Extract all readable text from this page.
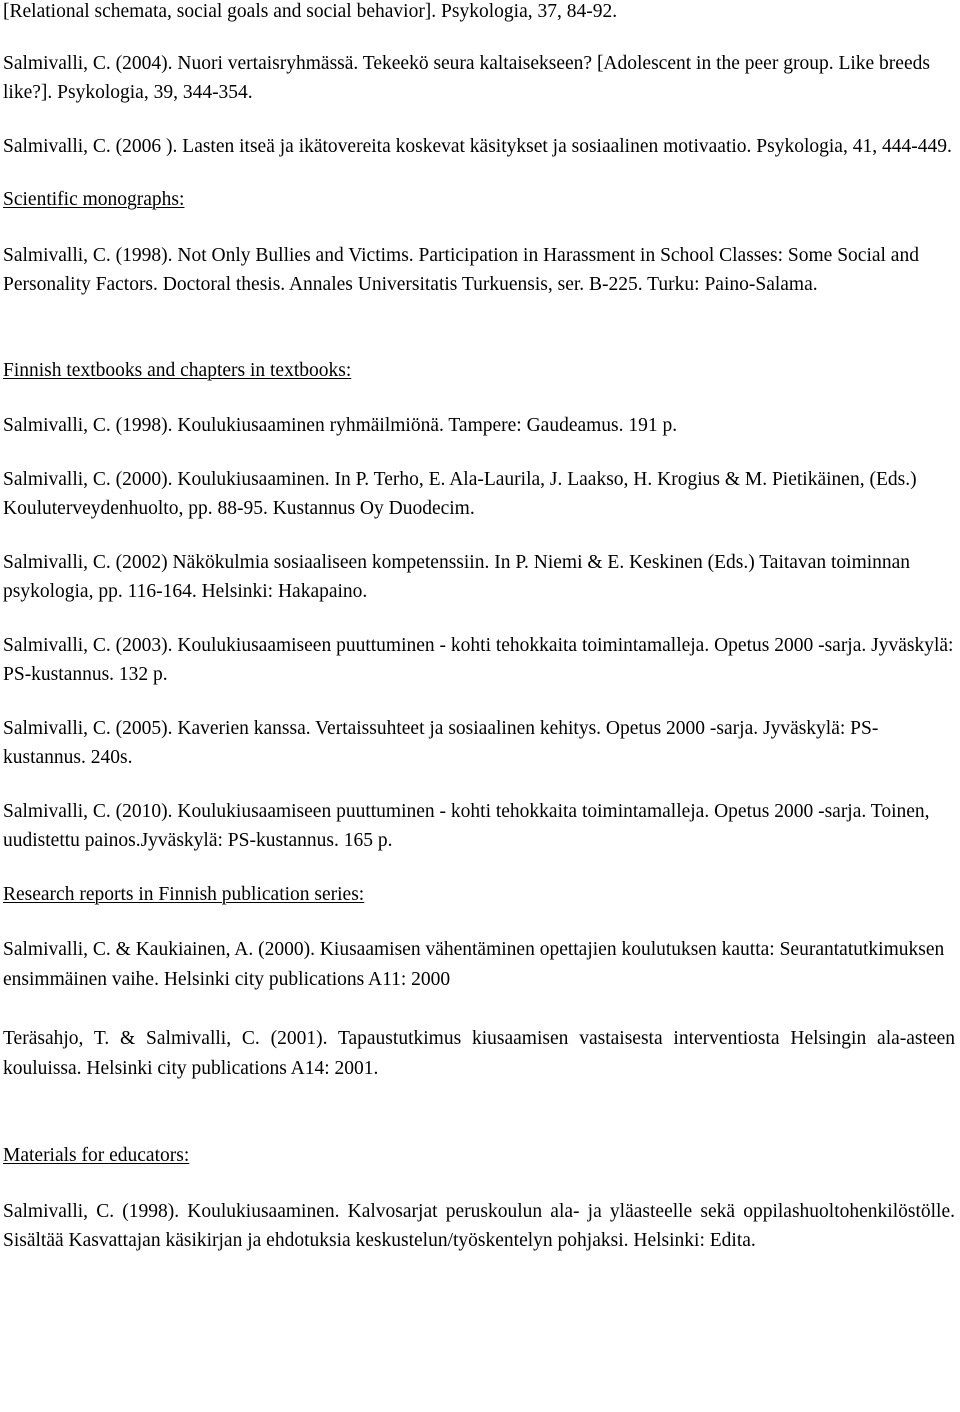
[Relational schemata, social goals and social behavior]. Psykologia, 37, 84-92.

Salmivalli, C. (2004). Nuori vertaisryhmässä. Tekeekö seura kaltaisekseen? [Adolescent in the peer group. Like breeds like?]. Psykologia, 39, 344-354.

Salmivalli, C. (2006 ). Lasten itseä ja ikätovereita koskevat käsitykset ja sosiaalinen motivaatio. Psykologia, 41, 444-449.

Scientific monographs:

Salmivalli, C. (1998). Not Only Bullies and Victims. Participation in Harassment in School Classes: Some Social and Personality Factors. Doctoral thesis. Annales Universitatis Turkuensis, ser. B-225. Turku: Paino-Salama.

Finnish textbooks and chapters in textbooks:

Salmivalli, C. (1998). Koulukiusaaminen ryhmäilmiönä. Tampere: Gaudeamus. 191 p.

Salmivalli, C. (2000). Koulukiusaaminen. In P. Terho, E. Ala-Laurila, J. Laakso, H. Krogius & M. Pietikäinen, (Eds.) Kouluterveydenhuolto, pp. 88-95. Kustannus Oy Duodecim.

Salmivalli, C. (2002) Näkökulmia sosiaaliseen kompetenssiin. In P. Niemi & E. Keskinen (Eds.) Taitavan toiminnan psykologia, pp. 116-164. Helsinki: Hakapaino.

Salmivalli, C. (2003). Koulukiusaamiseen puuttuminen - kohti tehokkaita toimintamalleja. Opetus 2000 -sarja. Jyväskylä: PS-kustannus. 132 p.

Salmivalli, C. (2005). Kaverien kanssa. Vertaissuhteet ja sosiaalinen kehitys. Opetus 2000 -sarja. Jyväskylä: PS-kustannus. 240s.

Salmivalli, C. (2010). Koulukiusaamiseen puuttuminen - kohti tehokkaita toimintamalleja. Opetus 2000 -sarja. Toinen, uudistettu painos.Jyväskylä: PS-kustannus. 165 p.

Research reports in Finnish publication series:

Salmivalli, C. & Kaukiainen, A. (2000). Kiusaamisen vähentäminen opettajien koulutuksen kautta: Seurantatutkimuksen ensimmäinen vaihe. Helsinki city publications A11: 2000

Teräsahjo, T. & Salmivalli, C. (2001). Tapaustutkimus kiusaamisen vastaisesta interventiosta Helsingin ala-asteen kouluissa. Helsinki city publications A14: 2001.

Materials for educators:

Salmivalli, C. (1998). Koulukiusaaminen. Kalvosarjat peruskoulun ala- ja yläasteelle sekä oppilashuoltohenkilöstölle. Sisältää Kasvattajan käsikirjan ja ehdotuksia keskustelun/työskentelyn pohjaksi. Helsinki: Edita.
